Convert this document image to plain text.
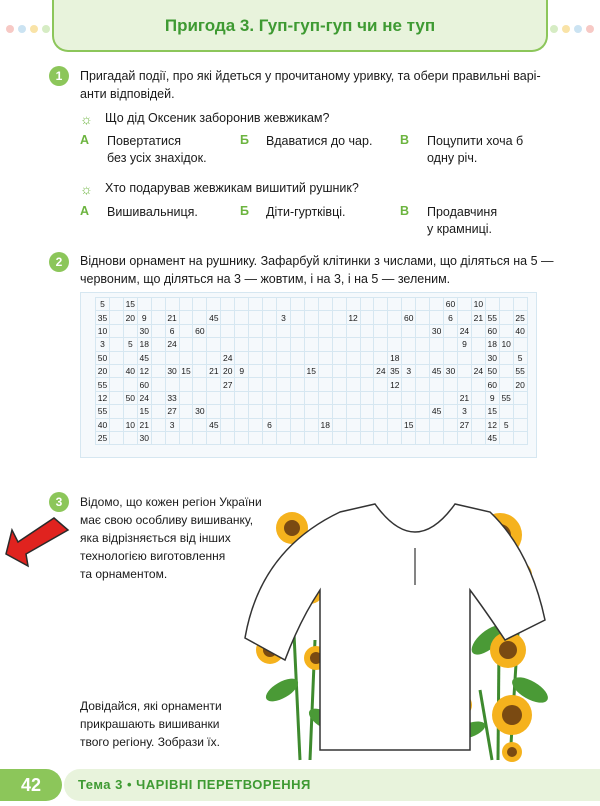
Пригода 3. Гуп-гуп-гуп чи не туп
1	Пригадай події, про які йдеться у прочитаному уривку, та обери правильні варі-
анти відповідей.
☼ Що дід Оксеник заборонив жевжикам?
А Повертатися
без усіх знахідок.
Б Вдаватися до чар. В Поцупити хоча б
одну річ.
☼ Хто подарував жевжикам вишитий рушник?
А Вишивальниця.	Б Діти-гуртківці.	В Продавчиня
у крамниці.
2	Віднови орнамент на рушнику. Зафарбуй клітинки з числами, що діляться на 5 —
червоним, що діляться на 3 — жовтим, і на 3, і на 5 — зеленим.
5		15																							60		10			
35		20	9		21			45					3					12				60			6		21	55		25
10			30		6		60																	30		24		60		40
3		5	18		24																					9		18	10	
50			45						24												18							30		5
20		40	12		30	15		21	20	9					15					24	35	3		45	30		24	50		55
55			60						27												12							60		20
12		50	24		33																					21		9	55	
55			15		27		30																	45		3		15		
40		10	21		3			45				6				18						15				27		12	5	
25			30																									45		
3	Відомо, що кожен регіон України
має свою особливу вишиванку,
яка відрізняється від інших
технологією виготовлення
та орнаментом.
Довідайся, які орнаменти
прикрашають вишиванки
твого регіону. Зобрази їх.
42	Тема 3 • ЧАРІВНІ ПЕРЕТВОРЕННЯ
